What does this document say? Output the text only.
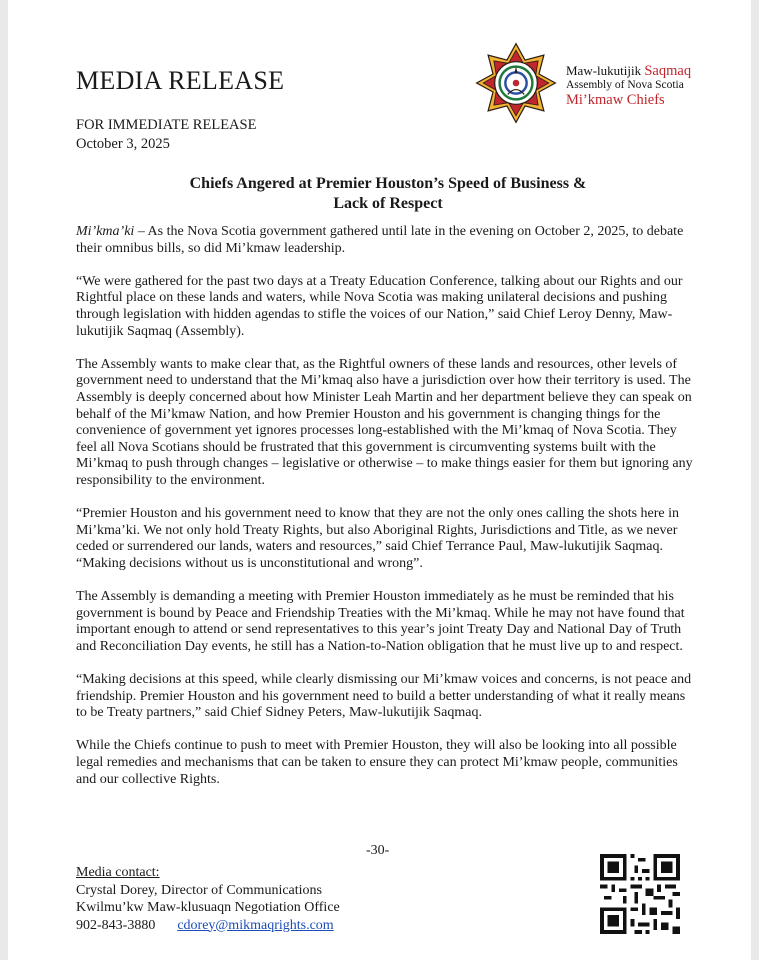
MEDIA RELEASE
FOR IMMEDIATE RELEASE
October 3, 2025
Maw-lukutijik Saqmaq
Assembly of Nova Scotia
Mi’kmaw Chiefs
Chiefs Angered at Premier Houston’s Speed of Business &
Lack of Respect

Mi’kma’ki – As the Nova Scotia government gathered until late in the evening on October 2, 2025, to debate their omnibus bills, so did Mi’kmaw leadership.

“We were gathered for the past two days at a Treaty Education Conference, talking about our Rights and our Rightful place on these lands and waters, while Nova Scotia was making unilateral decisions and pushing through legislation with hidden agendas to stifle the voices of our Nation,” said Chief Leroy Denny, Maw-lukutijik Saqmaq (Assembly).

The Assembly wants to make clear that, as the Rightful owners of these lands and resources, other levels of government need to understand that the Mi’kmaq also have a jurisdiction over how their territory is used. The Assembly is deeply concerned about how Minister Leah Martin and her department believe they can speak on behalf of the Mi’kmaw Nation, and how Premier Houston and his government is changing things for the convenience of government yet ignores processes long-established with the Mi’kmaq of Nova Scotia. They feel all Nova Scotians should be frustrated that this government is circumventing systems built with the Mi’kmaq to push through changes – legislative or otherwise – to make things easier for them but ignoring any responsibility to the environment.

“Premier Houston and his government need to know that they are not the only ones calling the shots here in Mi’kma’ki. We not only hold Treaty Rights, but also Aboriginal Rights, Jurisdictions and Title, as we never ceded or surrendered our lands, waters and resources,” said Chief Terrance Paul, Maw-lukutijik Saqmaq. “Making decisions without us is unconstitutional and wrong”.

The Assembly is demanding a meeting with Premier Houston immediately as he must be reminded that his government is bound by Peace and Friendship Treaties with the Mi’kmaq. While he may not have found that important enough to attend or send representatives to this year’s joint Treaty Day and National Day of Truth and Reconciliation Day events, he still has a Nation-to-Nation obligation that he must live up to and respect.

“Making decisions at this speed, while clearly dismissing our Mi’kmaw voices and concerns, is not peace and friendship. Premier Houston and his government need to build a better understanding of what it really means to be Treaty partners,” said Chief Sidney Peters, Maw-lukutijik Saqmaq.

While the Chiefs continue to push to meet with Premier Houston, they will also be looking into all possible legal remedies and mechanisms that can be taken to ensure they can protect Mi’kmaw people, communities and our collective Rights.

-30-
Media contact:
Crystal Dorey, Director of Communications
Kwilmu’kw Maw-klusuaqn Negotiation Office
902-843-3880 cdorey@mikmaqrights.com
